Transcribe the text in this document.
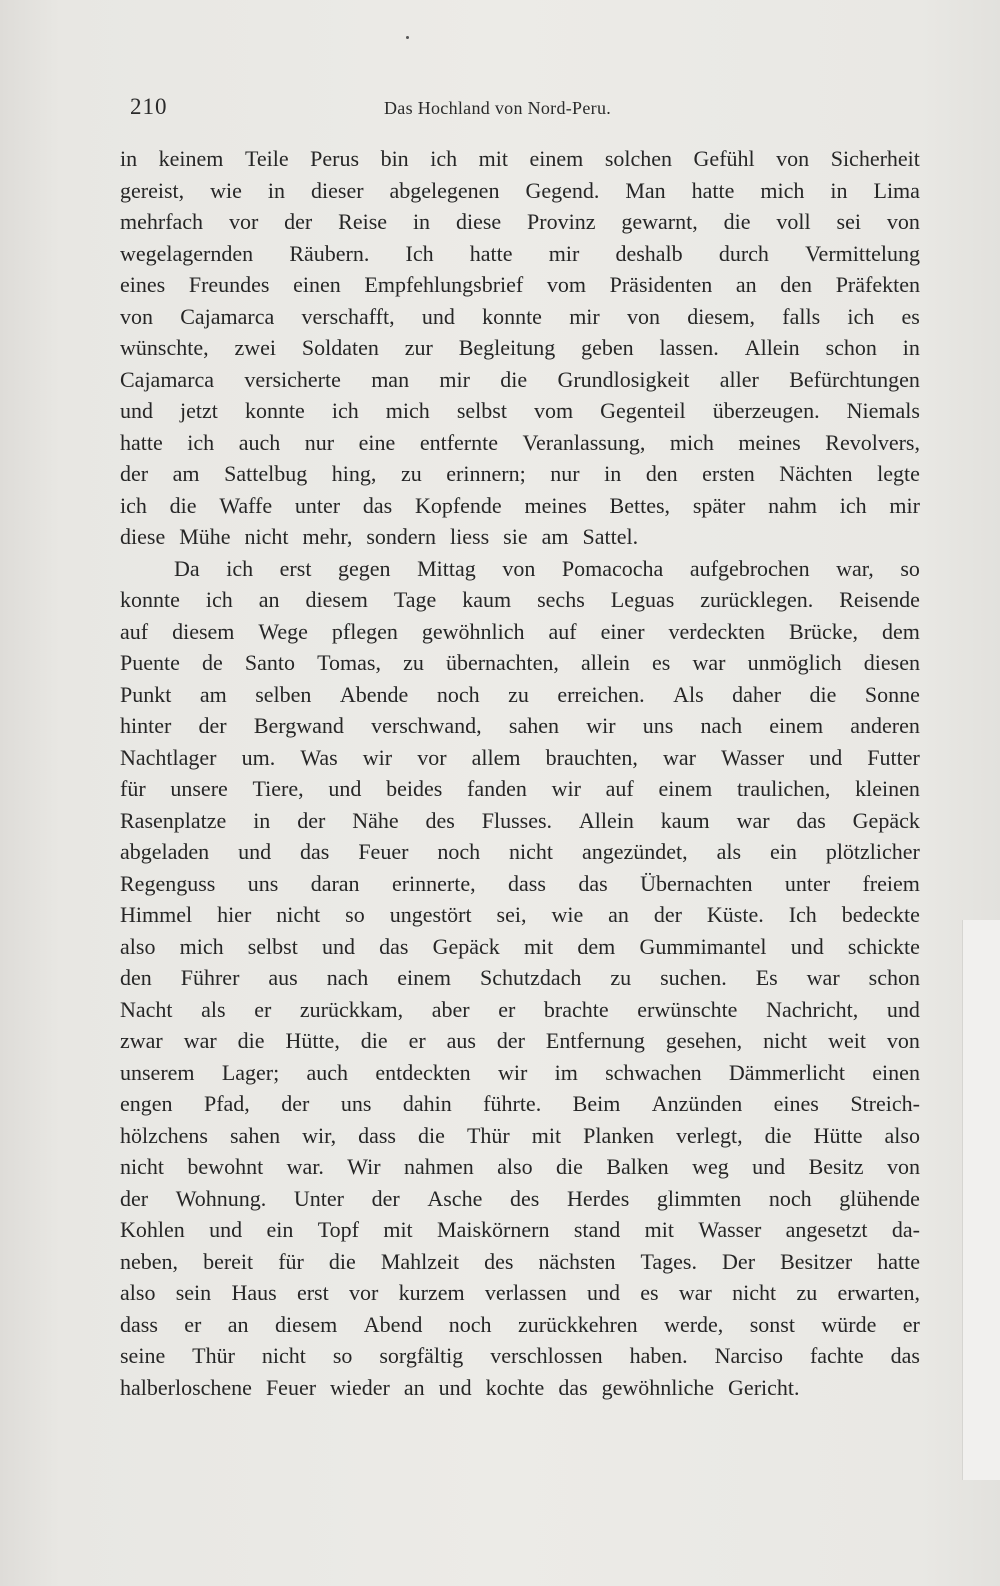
210	Das Hochland von Nord-Peru.
in keinem Teile Perus bin ich mit einem solchen Gefühl von Sicherheit
gereist, wie in dieser abgelegenen Gegend. Man hatte mich in Lima
mehrfach vor der Reise in diese Provinz gewarnt, die voll sei von
wegelagernden Räubern. Ich hatte mir deshalb durch Vermittelung
eines Freundes einen Empfehlungsbrief vom Präsidenten an den Präfekten
von Cajamarca verschafft, und konnte mir von diesem, falls ich es
wünschte, zwei Soldaten zur Begleitung geben lassen. Allein schon in
Cajamarca versicherte man mir die Grundlosigkeit aller Befürchtungen
und jetzt konnte ich mich selbst vom Gegenteil überzeugen. Niemals
hatte ich auch nur eine entfernte Veranlassung, mich meines Revolvers,
der am Sattelbug hing, zu erinnern; nur in den ersten Nächten legte
ich die Waffe unter das Kopfende meines Bettes, später nahm ich mir
diese Mühe nicht mehr, sondern liess sie am Sattel.
Da ich erst gegen Mittag von Pomacocha aufgebrochen war, so
konnte ich an diesem Tage kaum sechs Leguas zurücklegen. Reisende
auf diesem Wege pflegen gewöhnlich auf einer verdeckten Brücke, dem
Puente de Santo Tomas, zu übernachten, allein es war unmöglich diesen
Punkt am selben Abende noch zu erreichen. Als daher die Sonne
hinter der Bergwand verschwand, sahen wir uns nach einem anderen
Nachtlager um. Was wir vor allem brauchten, war Wasser und Futter
für unsere Tiere, und beides fanden wir auf einem traulichen, kleinen
Rasenplatze in der Nähe des Flusses. Allein kaum war das Gepäck
abgeladen und das Feuer noch nicht angezündet, als ein plötzlicher
Regenguss uns daran erinnerte, dass das Übernachten unter freiem
Himmel hier nicht so ungestört sei, wie an der Küste. Ich bedeckte
also mich selbst und das Gepäck mit dem Gummimantel und schickte
den Führer aus nach einem Schutzdach zu suchen. Es war schon
Nacht als er zurückkam, aber er brachte erwünschte Nachricht, und
zwar war die Hütte, die er aus der Entfernung gesehen, nicht weit von
unserem Lager; auch entdeckten wir im schwachen Dämmerlicht einen
engen Pfad, der uns dahin führte. Beim Anzünden eines Streich-
hölzchens sahen wir, dass die Thür mit Planken verlegt, die Hütte also
nicht bewohnt war. Wir nahmen also die Balken weg und Besitz von
der Wohnung. Unter der Asche des Herdes glimmten noch glühende
Kohlen und ein Topf mit Maiskörnern stand mit Wasser angesetzt da-
neben, bereit für die Mahlzeit des nächsten Tages. Der Besitzer hatte
also sein Haus erst vor kurzem verlassen und es war nicht zu erwarten,
dass er an diesem Abend noch zurückkehren werde, sonst würde er
seine Thür nicht so sorgfältig verschlossen haben. Narciso fachte das
halberloschene Feuer wieder an und kochte das gewöhnliche Gericht.
